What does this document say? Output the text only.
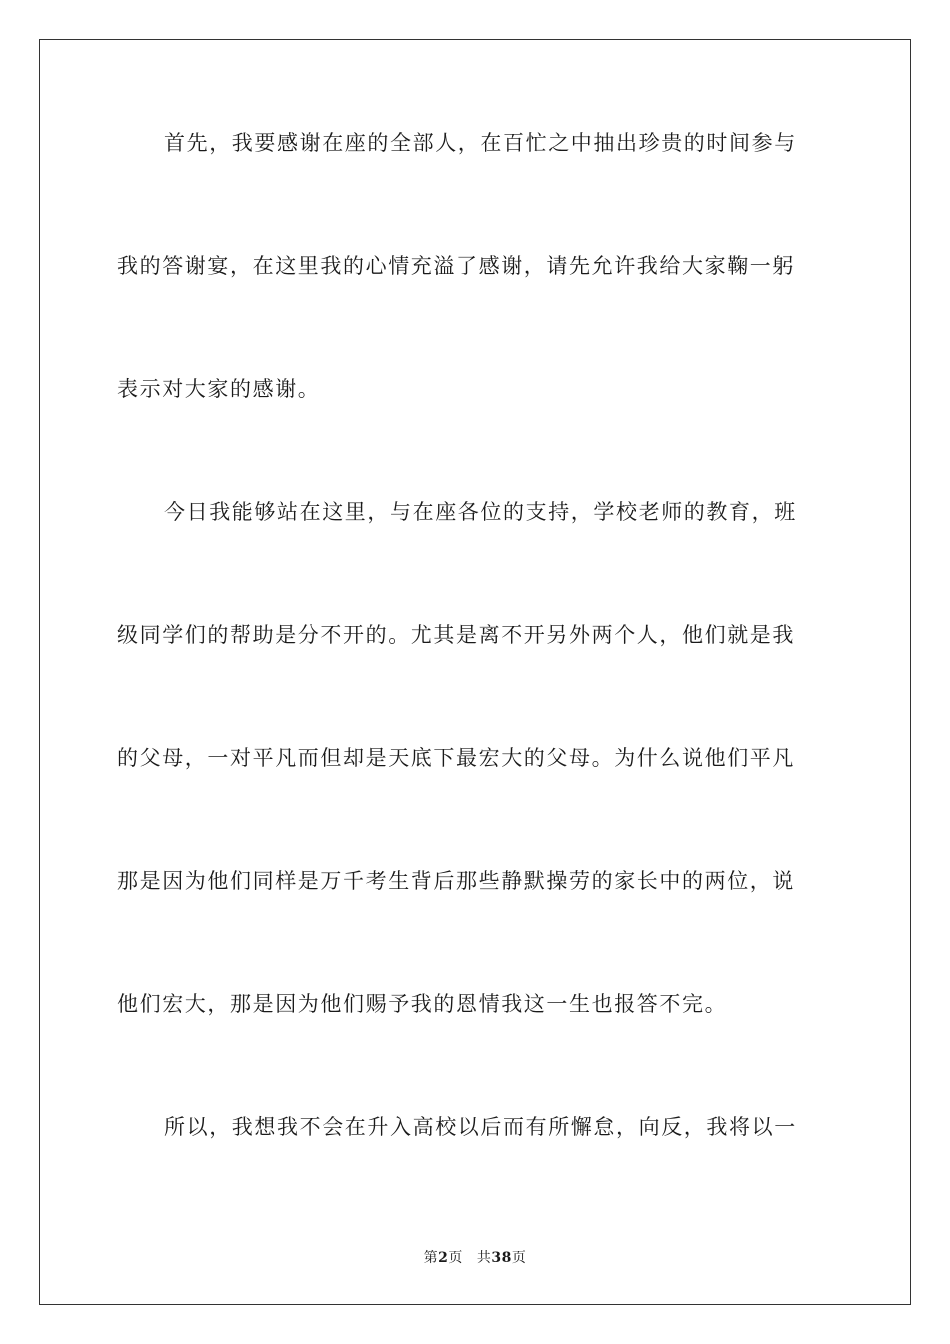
首先，我要感谢在座的全部人，在百忙之中抽出珍贵的时间参与
我的答谢宴，在这里我的心情充溢了感谢，请先允许我给大家鞠一躬
表示对大家的感谢。
今日我能够站在这里，与在座各位的支持，学校老师的教育，班
级同学们的帮助是分不开的。尤其是离不开另外两个人，他们就是我
的父母，一对平凡而但却是天底下最宏大的父母。为什么说他们平凡
那是因为他们同样是万千考生背后那些静默操劳的家长中的两位，说
他们宏大，那是因为他们赐予我的恩情我这一生也报答不完。
所以，我想我不会在升入高校以后而有所懈怠，向反，我将以一
第2页 共38页
